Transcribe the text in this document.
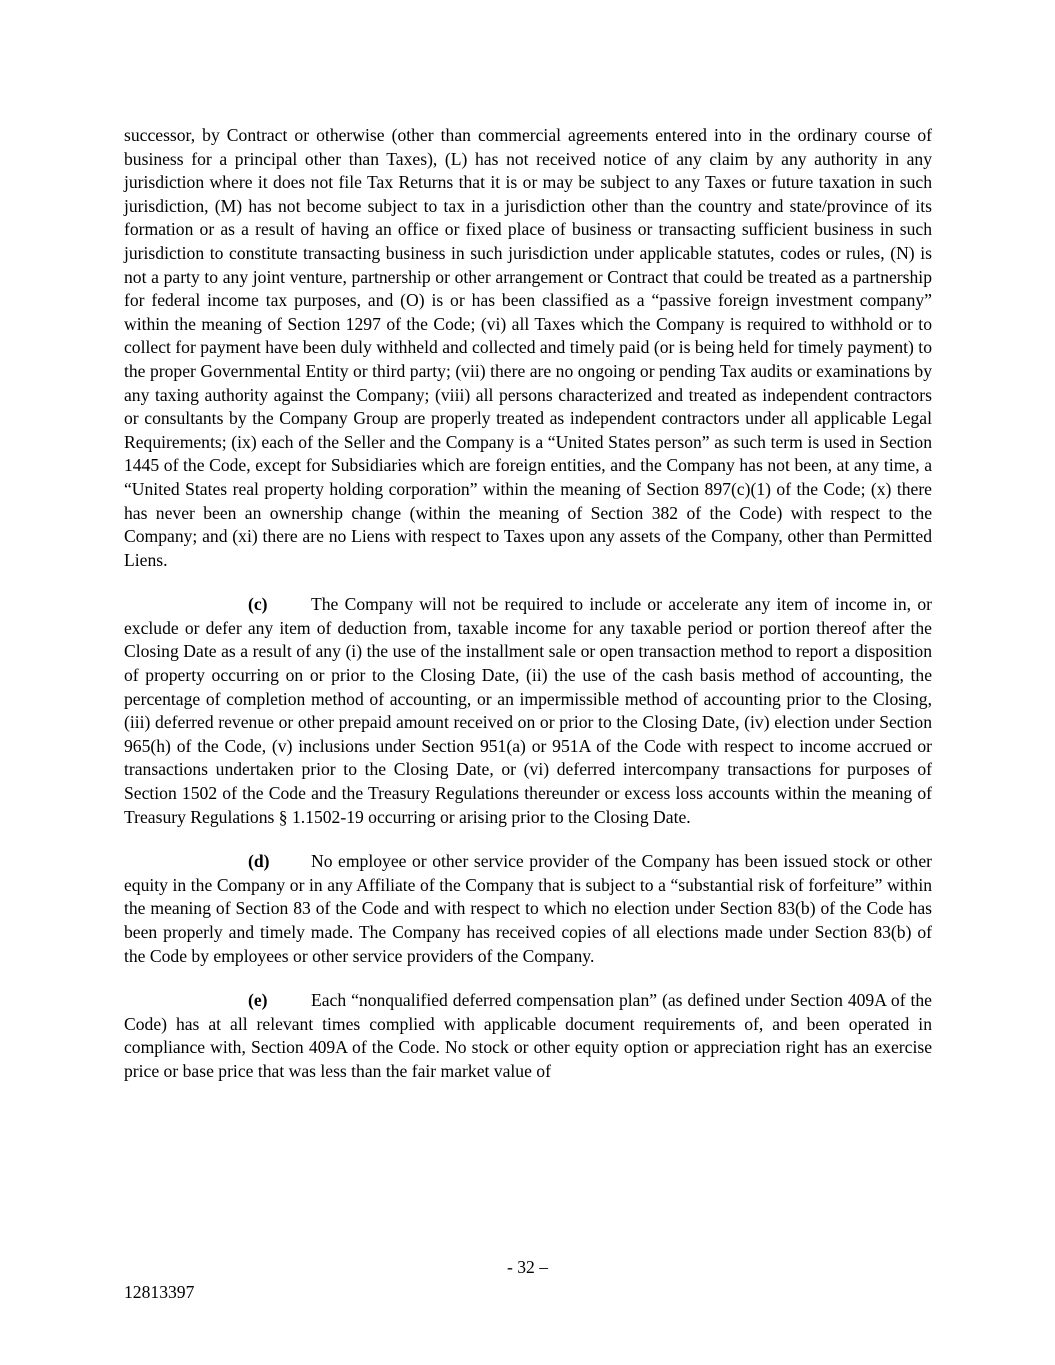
successor, by Contract or otherwise (other than commercial agreements entered into in the ordinary course of business for a principal other than Taxes), (L) has not received notice of any claim by any authority in any jurisdiction where it does not file Tax Returns that it is or may be subject to any Taxes or future taxation in such jurisdiction, (M) has not become subject to tax in a jurisdiction other than the country and state/province of its formation or as a result of having an office or fixed place of business or transacting sufficient business in such jurisdiction to constitute transacting business in such jurisdiction under applicable statutes, codes or rules, (N) is not a party to any joint venture, partnership or other arrangement or Contract that could be treated as a partnership for federal income tax purposes, and (O) is or has been classified as a “passive foreign investment company” within the meaning of Section 1297 of the Code; (vi) all Taxes which the Company is required to withhold or to collect for payment have been duly withheld and collected and timely paid (or is being held for timely payment) to the proper Governmental Entity or third party; (vii) there are no ongoing or pending Tax audits or examinations by any taxing authority against the Company; (viii) all persons characterized and treated as independent contractors or consultants by the Company Group are properly treated as independent contractors under all applicable Legal Requirements; (ix) each of the Seller and the Company is a “United States person” as such term is used in Section 1445 of the Code, except for Subsidiaries which are foreign entities, and the Company has not been, at any time, a “United States real property holding corporation” within the meaning of Section 897(c)(1) of the Code; (x) there has never been an ownership change (within the meaning of Section 382 of the Code) with respect to the Company; and (xi) there are no Liens with respect to Taxes upon any assets of the Company, other than Permitted Liens.

(c) The Company will not be required to include or accelerate any item of income in, or exclude or defer any item of deduction from, taxable income for any taxable period or portion thereof after the Closing Date as a result of any (i) the use of the installment sale or open transaction method to report a disposition of property occurring on or prior to the Closing Date, (ii) the use of the cash basis method of accounting, the percentage of completion method of accounting, or an impermissible method of accounting prior to the Closing, (iii) deferred revenue or other prepaid amount received on or prior to the Closing Date, (iv) election under Section 965(h) of the Code, (v) inclusions under Section 951(a) or 951A of the Code with respect to income accrued or transactions undertaken prior to the Closing Date, or (vi) deferred intercompany transactions for purposes of Section 1502 of the Code and the Treasury Regulations thereunder or excess loss accounts within the meaning of Treasury Regulations § 1.1502-19 occurring or arising prior to the Closing Date.

(d) No employee or other service provider of the Company has been issued stock or other equity in the Company or in any Affiliate of the Company that is subject to a “substantial risk of forfeiture” within the meaning of Section 83 of the Code and with respect to which no election under Section 83(b) of the Code has been properly and timely made. The Company has received copies of all elections made under Section 83(b) of the Code by employees or other service providers of the Company.

(e) Each “nonqualified deferred compensation plan” (as defined under Section 409A of the Code) has at all relevant times complied with applicable document requirements of, and been operated in compliance with, Section 409A of the Code. No stock or other equity option or appreciation right has an exercise price or base price that was less than the fair market value of

- 32 –
12813397
